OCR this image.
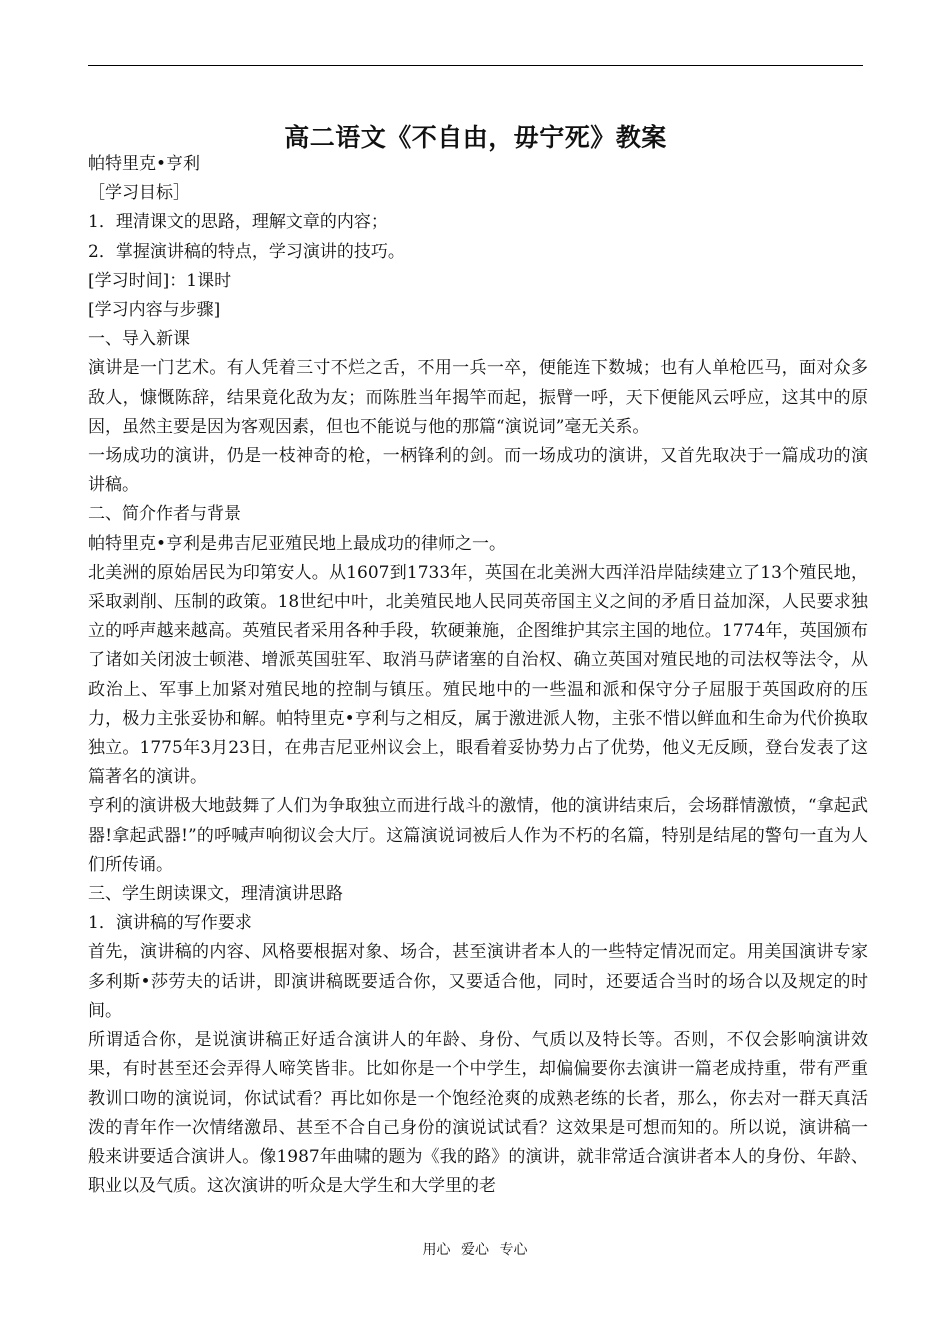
高二语文《不自由，毋宁死》教案

帕特里克•亨利

［学习目标］

1．理清课文的思路，理解文章的内容；

2．掌握演讲稿的特点，学习演讲的技巧。

[学习时间]：1课时

[学习内容与步骤]

一、导入新课

演讲是一门艺术。有人凭着三寸不烂之舌，不用一兵一卒，便能连下数城；也有人单枪匹马，面对众多敌人，慷慨陈辞，结果竟化敌为友；而陈胜当年揭竿而起，振臂一呼，天下便能风云呼应，这其中的原因，虽然主要是因为客观因素，但也不能说与他的那篇“演说词”毫无关系。

一场成功的演讲，仍是一枝神奇的枪，一柄锋利的剑。而一场成功的演讲，又首先取决于一篇成功的演讲稿。

二、简介作者与背景

帕特里克•亨利是弗吉尼亚殖民地上最成功的律师之一。

北美洲的原始居民为印第安人。从1607到1733年，英国在北美洲大西洋沿岸陆续建立了13个殖民地，采取剥削、压制的政策。18世纪中叶，北美殖民地人民同英帝国主义之间的矛盾日益加深，人民要求独立的呼声越来越高。英殖民者采用各种手段，软硬兼施，企图维护其宗主国的地位。1774年，英国颁布了诸如关闭波士顿港、增派英国驻军、取消马萨诸塞的自治权、确立英国对殖民地的司法权等法令，从政治上、军事上加紧对殖民地的控制与镇压。殖民地中的一些温和派和保守分子屈服于英国政府的压力，极力主张妥协和解。帕特里克•亨利与之相反，属于激进派人物，主张不惜以鲜血和生命为代价换取独立。1775年3月23日，在弗吉尼亚州议会上，眼看着妥协势力占了优势，他义无反顾，登台发表了这篇著名的演讲。

亨利的演讲极大地鼓舞了人们为争取独立而进行战斗的激情，他的演讲结束后，会场群情激愤，“拿起武器!拿起武器!”的呼喊声响彻议会大厅。这篇演说词被后人作为不朽的名篇，特别是结尾的警句一直为人们所传诵。

三、学生朗读课文，理清演讲思路

1．演讲稿的写作要求

首先，演讲稿的内容、风格要根据对象、场合，甚至演讲者本人的一些特定情况而定。用美国演讲专家多利斯•莎劳夫的话讲，即演讲稿既要适合你，又要适合他，同时，还要适合当时的场合以及规定的时间。

所谓适合你，是说演讲稿正好适合演讲人的年龄、身份、气质以及特长等。否则，不仅会影响演讲效果，有时甚至还会弄得人啼笑皆非。比如你是一个中学生，却偏偏要你去演讲一篇老成持重，带有严重教训口吻的演说词，你试试看？再比如你是一个饱经沧爽的成熟老练的长者，那么，你去对一群天真活泼的青年作一次情绪激昂、甚至不合自己身份的演说试试看？这效果是可想而知的。所以说，演讲稿一般来讲要适合演讲人。像1987年曲啸的题为《我的路》的演讲，就非常适合演讲者本人的身份、年龄、职业以及气质。这次演讲的听众是大学生和大学里的老

用心 爱心 专心
